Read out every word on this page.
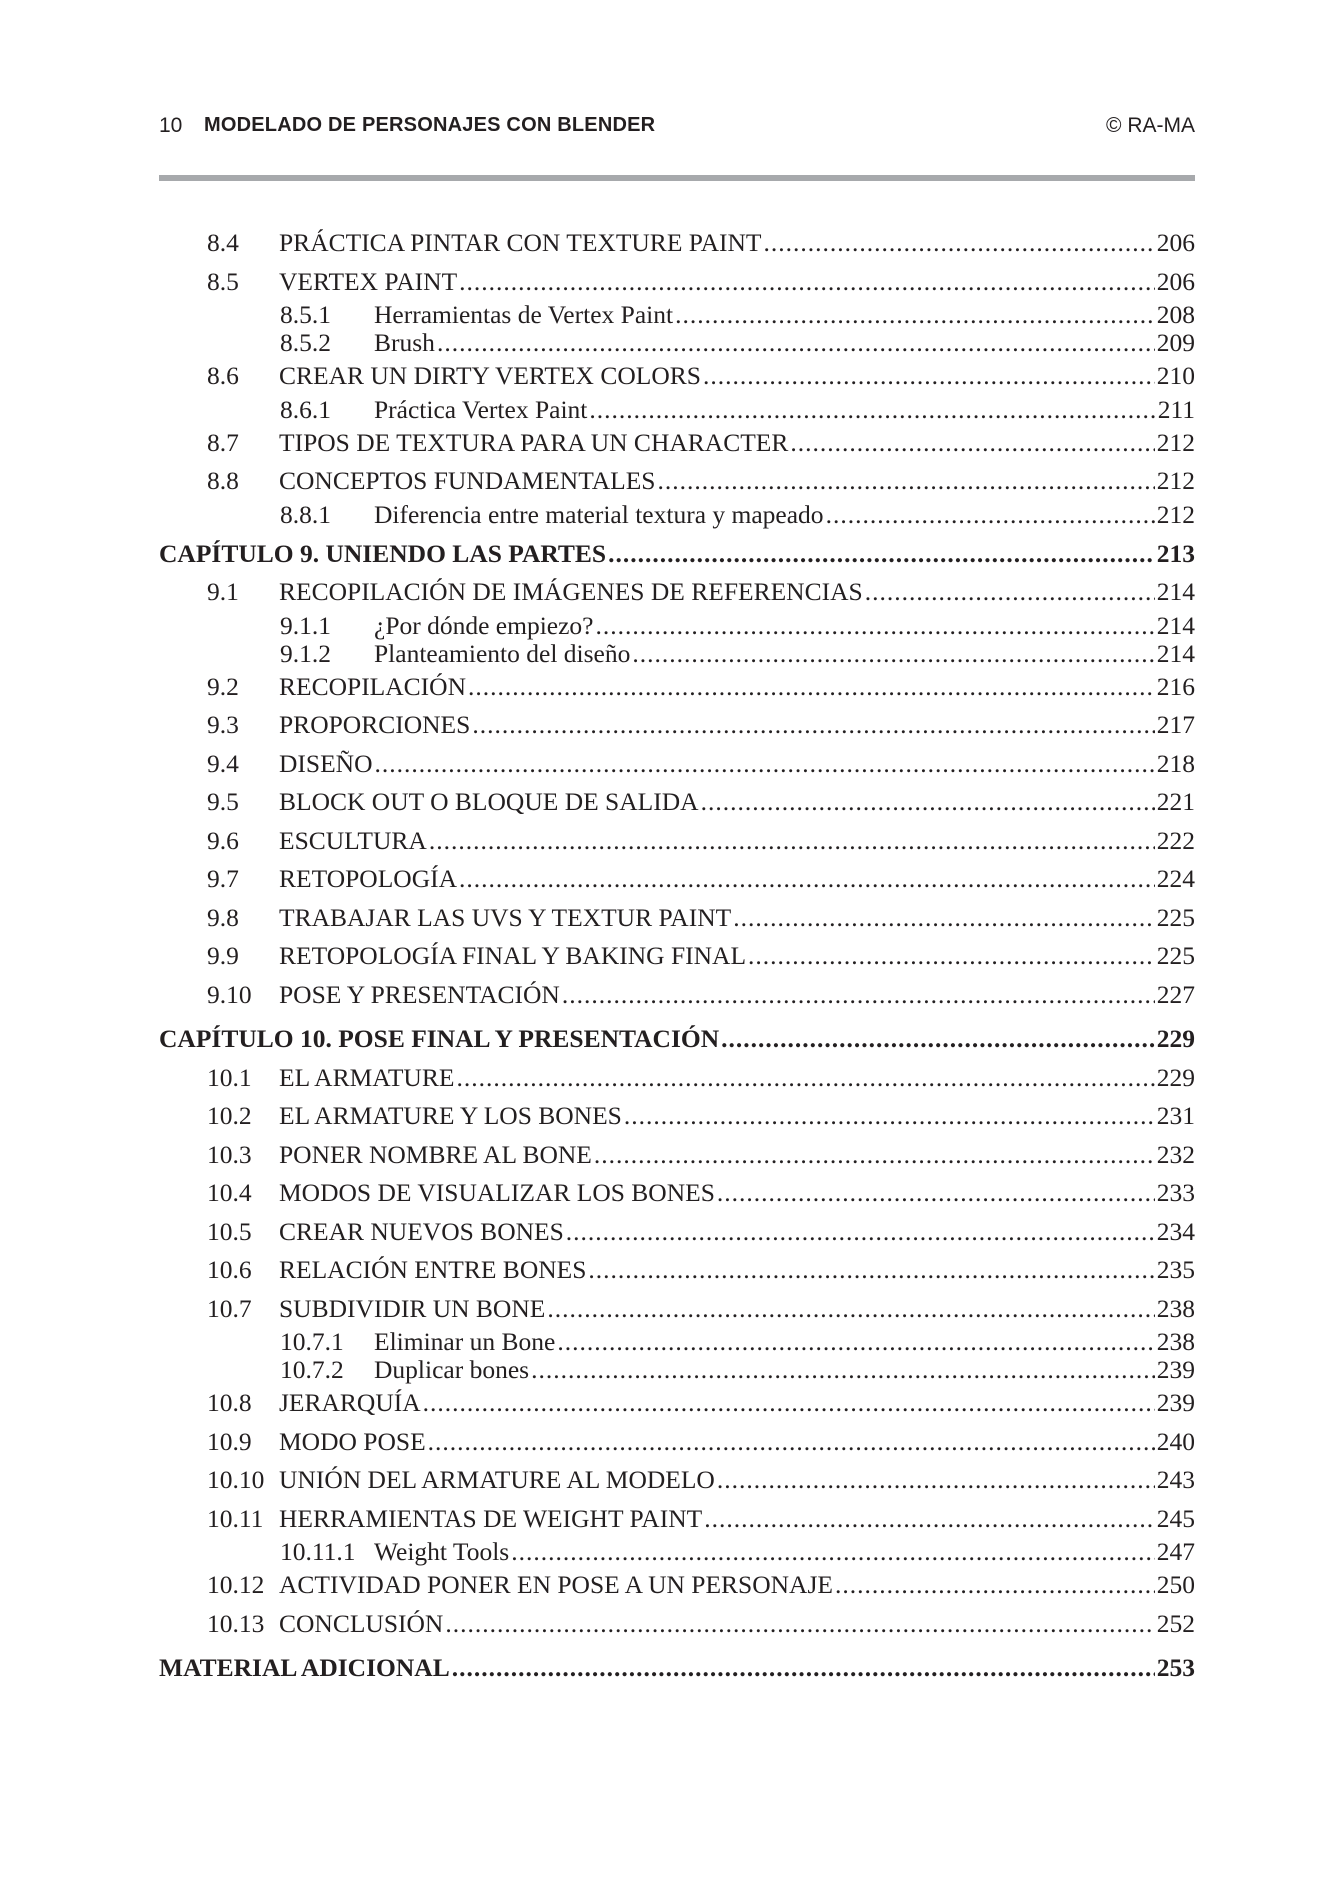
10 MODELADO DE PERSONAJES CON BLENDER	© RA-MA
8.4	PRÁCTICA PINTAR CON TEXTURE PAINT .....	206
8.5	VERTEX PAINT .....	206
8.5.1	Herramientas de Vertex Paint .....	208
8.5.2	Brush .....	209
8.6	CREAR UN DIRTY VERTEX COLORS .....	210
8.6.1	Práctica Vertex Paint .....	211
8.7	TIPOS DE TEXTURA PARA UN CHARACTER .....	212
8.8	CONCEPTOS FUNDAMENTALES .....	212
8.8.1	Diferencia entre material textura y mapeado .....	212
CAPÍTULO 9. UNIENDO LAS PARTES .....	213
9.1	RECOPILACIÓN DE IMÁGENES DE REFERENCIAS .....	214
9.1.1	¿Por dónde empiezo? .....	214
9.1.2	Planteamiento del diseño .....	214
9.2	RECOPILACIÓN .....	216
9.3	PROPORCIONES .....	217
9.4	DISEÑO .....	218
9.5	BLOCK OUT O BLOQUE DE SALIDA .....	221
9.6	ESCULTURA .....	222
9.7	RETOPOLOGÍA .....	224
9.8	TRABAJAR LAS UVS Y TEXTUR PAINT .....	225
9.9	RETOPOLOGÍA FINAL Y BAKING FINAL .....	225
9.10	POSE Y PRESENTACIÓN .....	227
CAPÍTULO 10. POSE FINAL Y PRESENTACIÓN .....	229
10.1	EL ARMATURE .....	229
10.2	EL ARMATURE Y LOS BONES .....	231
10.3	PONER NOMBRE AL BONE .....	232
10.4	MODOS DE VISUALIZAR LOS BONES .....	233
10.5	CREAR NUEVOS BONES .....	234
10.6	RELACIÓN ENTRE BONES .....	235
10.7	SUBDIVIDIR UN BONE .....	238
10.7.1	Eliminar un Bone .....	238
10.7.2	Duplicar bones .....	239
10.8	JERARQUÍA .....	239
10.9	MODO POSE .....	240
10.10 UNIÓN DEL ARMATURE AL MODELO .....	243
10.11 HERRAMIENTAS DE WEIGHT PAINT .....	245
10.11.1 Weight Tools .....	247
10.12 ACTIVIDAD PONER EN POSE A UN PERSONAJE .....	250
10.13 CONCLUSIÓN .....	252
MATERIAL ADICIONAL .....	253
